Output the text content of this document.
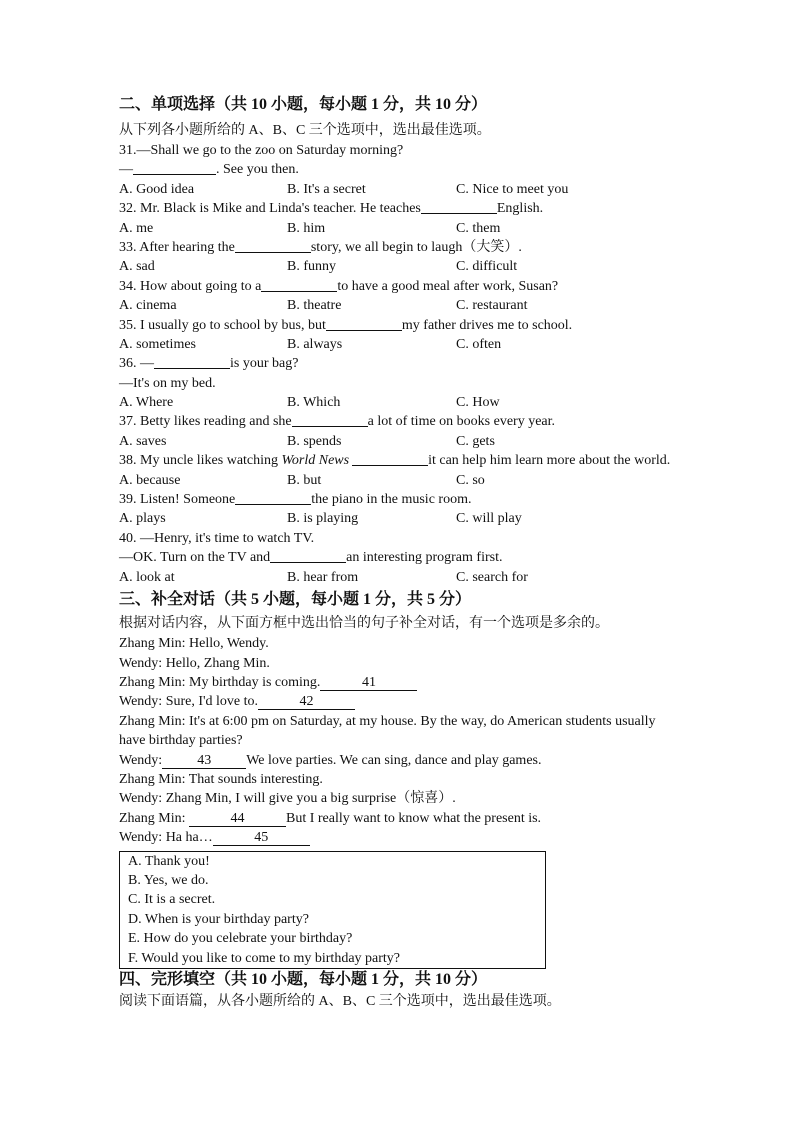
二、单项选择（共 10 小题，每小题 1 分，共 10 分）
从下列各小题所给的 A、B、C 三个选项中，选出最佳选项。
31.—Shall we go to the zoo on Saturday morning?
—	. See you then.
A. Good idea	B. It's a secret	C. Nice to meet you
32. Mr. Black is Mike and Linda's teacher. He teaches	English.
A. me	B. him	C. them
33. After hearing the	story, we all begin to laugh（大笑）.
A. sad	B. funny	C. difficult
34. How about going to a	to have a good meal after work, Susan?
A. cinema	B. theatre	C. restaurant
35. I usually go to school by bus, but	my father drives me to school.
A. sometimes	B. always	C. often
36. —	is your bag?
—It's on my bed.
A. Where	B. Which	C. How
37. Betty likes reading and she	a lot of time on books every year.
A. saves	B. spends	C. gets
38. My uncle likes watching World News	it can help him learn more about the world.
A. because	B. but	C. so
39. Listen! Someone	the piano in the music room.
A. plays	B. is playing	C. will play
40. —Henry, it's time to watch TV.
—OK. Turn on the TV and	an interesting program first.
A. look at	B. hear from	C. search for
三、补全对话（共 5 小题，每小题 1 分，共 5 分）
根据对话内容，从下面方框中选出恰当的句子补全对话，有一个选项是多余的。
Zhang Min: Hello, Wendy.
Wendy: Hello, Zhang Min.
Zhang Min: My birthday is coming.	41
Wendy: Sure, I'd love to.	42
Zhang Min: It's at 6:00 pm on Saturday, at my house. By the way, do American students usually
have birthday parties?
Wendy:	43	We love parties. We can sing, dance and play games.
Zhang Min: That sounds interesting.
Wendy: Zhang Min, I will give you a big surprise（惊喜）.
Zhang Min:	44	But I really want to know what the present is.
Wendy: Ha ha…	45
A. Thank you!
B. Yes, we do.
C. It is a secret.
D. When is your birthday party?
E. How do you celebrate your birthday?
F. Would you like to come to my birthday party?
四、完形填空（共 10 小题，每小题 1 分，共 10 分）
阅读下面语篇，从各小题所给的 A、B、C 三个选项中，选出最佳选项。
